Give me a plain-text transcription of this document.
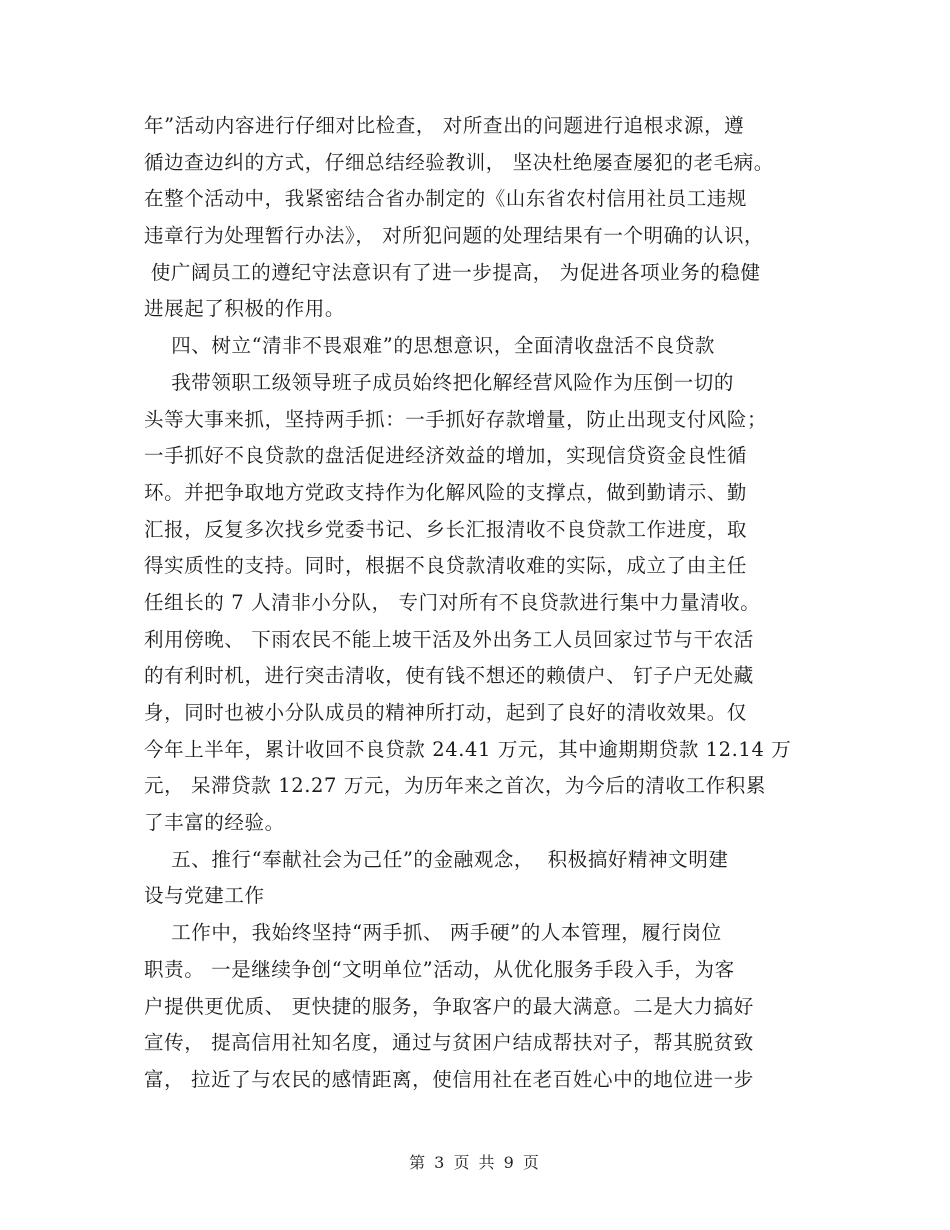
年”活动内容进行仔细对比检查， 对所查出的问题进行追根求源，遵
循边查边纠的方式，仔细总结经验教训， 坚决杜绝屡查屡犯的老毛病。
在整个活动中，我紧密结合省办制定的《山东省农村信用社员工违规
违章行为处理暂行办法》， 对所犯问题的处理结果有一个明确的认识，
使广阔员工的遵纪守法意识有了进一步提高， 为促进各项业务的稳健
进展起了积极的作用。
四、树立“清非不畏艰难”的思想意识，全面清收盘活不良贷款
我带领职工级领导班子成员始终把化解经营风险作为压倒一切的
头等大事来抓，坚持两手抓：一手抓好存款增量，防止出现支付风险；
一手抓好不良贷款的盘活促进经济效益的增加，实现信贷资金良性循
环。并把争取地方党政支持作为化解风险的支撑点，做到勤请示、勤
汇报，反复多次找乡党委书记、乡长汇报清收不良贷款工作进度，取
得实质性的支持。同时，根据不良贷款清收难的实际，成立了由主任
任组长的 7 人清非小分队， 专门对所有不良贷款进行集中力量清收。
利用傍晚、 下雨农民不能上坡干活及外出务工人员回家过节与干农活
的有利时机，进行突击清收，使有钱不想还的赖债户、 钉子户无处藏
身，同时也被小分队成员的精神所打动，起到了良好的清收效果。仅
今年上半年，累计收回不良贷款 24.41 万元，其中逾期期贷款 12.14 万
元， 呆滞贷款 12.27 万元，为历年来之首次，为今后的清收工作积累
了丰富的经验。
五、推行“奉献社会为己任”的金融观念，  积极搞好精神文明建
设与党建工作
工作中，我始终坚持“两手抓、 两手硬”的人本管理，履行岗位
职责。 一是继续争创“文明单位”活动，从优化服务手段入手，为客
户提供更优质、 更快捷的服务，争取客户的最大满意。二是大力搞好
宣传， 提高信用社知名度，通过与贫困户结成帮扶对子，帮其脱贫致
富， 拉近了与农民的感情距离，使信用社在老百姓心中的地位进一步
第 3 页 共 9 页
